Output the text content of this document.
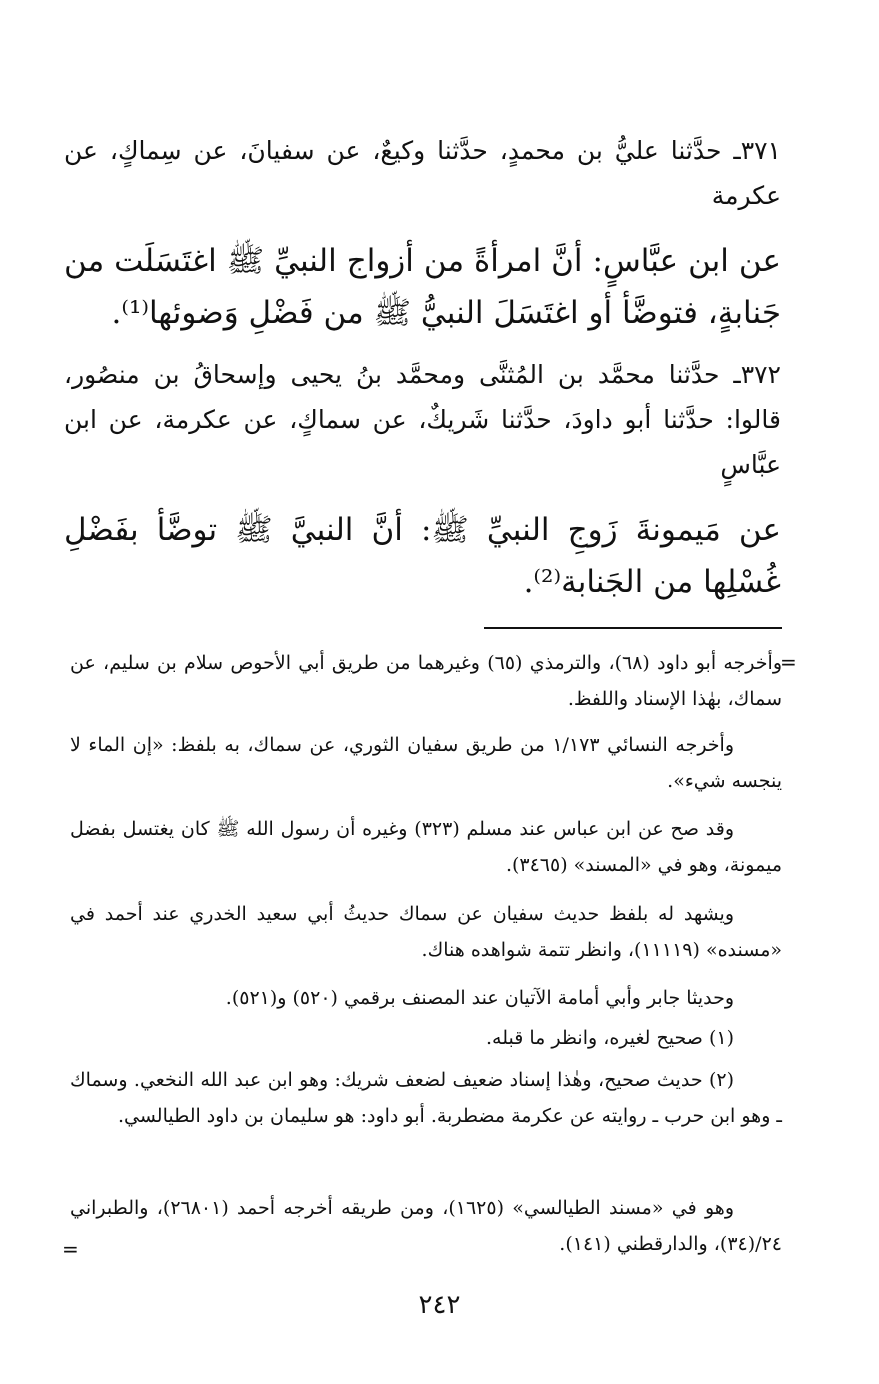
٣٧١ـ حدَّثنا عليُّ بن محمدٍ، حدَّثنا وكيعٌ، عن سفيانَ، عن سِماكٍ، عن عكرمة
عن ابن عبَّاسٍ: أنَّ امرأةً من أزواج النبيِّ ﷺ اغتَسَلَت من جَنابةٍ، فتوضَّأ أو اغتَسَلَ النبيُّ ﷺ من فَضْلِ وَضوئها⁽¹⁾.
٣٧٢ـ حدَّثنا محمَّد بن المُثنَّى ومحمَّد بنُ يحيى وإسحاقُ بن منصُور، قالوا: حدَّثنا أبو داودَ، حدَّثنا شَريكٌ، عن سماكٍ، عن عكرمة، عن ابن عبَّاسٍ
عن مَيمونةَ زَوجِ النبيِّ ﷺ: أنَّ النبيَّ ﷺ توضَّأ بفَضْلِ غُسْلِها من الجَنابة⁽²⁾.
=
وأخرجه أبو داود (٦٨)، والترمذي (٦٥) وغيرهما من طريق أبي الأحوص سلام بن سليم، عن سماك، بهٰذا الإسناد واللفظ.
وأخرجه النسائي ١/١٧٣ من طريق سفيان الثوري، عن سماك، به بلفظ: «إن الماء لا ينجسه شيء».
وقد صح عن ابن عباس عند مسلم (٣٢٣) وغيره أن رسول الله ﷺ كان يغتسل بفضل ميمونة، وهو في «المسند» (٣٤٦٥).
ويشهد له بلفظ حديث سفيان عن سماك حديثُ أبي سعيد الخدري عند أحمد في «مسنده» (١١١١٩)، وانظر تتمة شواهده هناك.
وحديثا جابر وأبي أمامة الآتيان عند المصنف برقمي (٥٢٠) و(٥٢١).
(١) صحيح لغيره، وانظر ما قبله.
(٢) حديث صحيح، وهٰذا إسناد ضعيف لضعف شريك: وهو ابن عبد الله النخعي. وسماك ـ وهو ابن حرب ـ روايته عن عكرمة مضطربة. أبو داود: هو سليمان بن داود الطيالسي.
وهو في «مسند الطيالسي» (١٦٢٥)، ومن طريقه أخرجه أحمد (٢٦٨٠١)، والطبراني ٢٤/(٣٤)، والدارقطني (١٤١).
=
٢٤٢
